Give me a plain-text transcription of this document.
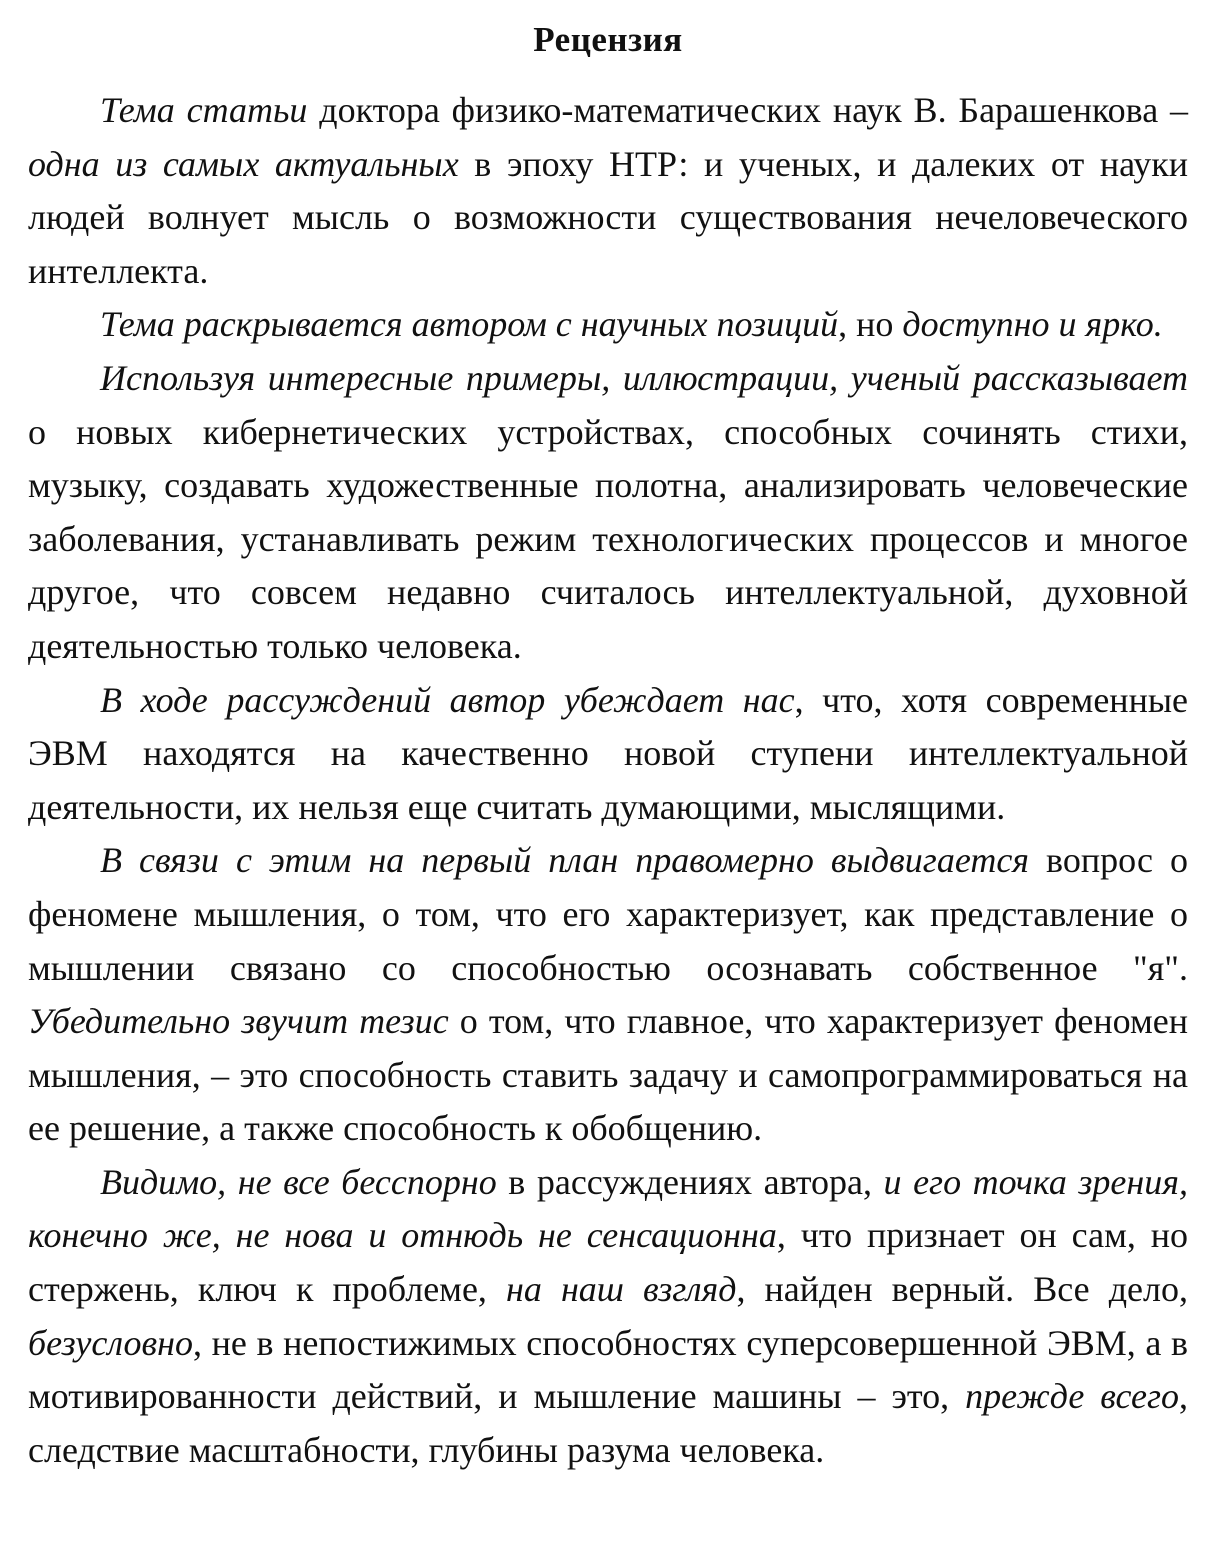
Рецензия

Тема статьи доктора физико-математических наук В. Барашенкова – одна из самых актуальных в эпоху НТР: и ученых, и далеких от науки людей волнует мысль о возможности существования нечеловеческого интеллекта.

Тема раскрывается автором с научных позиций, но доступно и ярко.

Используя интересные примеры, иллюстрации, ученый рассказывает о новых кибернетических устройствах, способных сочинять стихи, музыку, создавать художественные полотна, анализировать человеческие заболевания, устанавливать режим технологических процессов и многое другое, что совсем недавно считалось интеллектуальной, духовной деятельностью только человека.

В ходе рассуждений автор убеждает нас, что, хотя современные ЭВМ находятся на качественно новой ступени интеллектуальной деятельности, их нельзя еще считать думающими, мыслящими.

В связи с этим на первый план правомерно выдвигается вопрос о феномене мышления, о том, что его характеризует, как представление о мышлении связано со способностью осознавать собственное "я". Убедительно звучит тезис о том, что главное, что характеризует феномен мышления, – это способность ставить задачу и самопрограммироваться на ее решение, а также способность к обобщению.

Видимо, не все бесспорно в рассуждениях автора, и его точка зрения, конечно же, не нова и отнюдь не сенсационна, что признает он сам, но стержень, ключ к проблеме, на наш взгляд, найден верный. Все дело, безусловно, не в непостижимых способностях суперсовершенной ЭВМ, а в мотивированности действий, и мышление машины – это, прежде всего, следствие масштабности, глубины разума человека.
